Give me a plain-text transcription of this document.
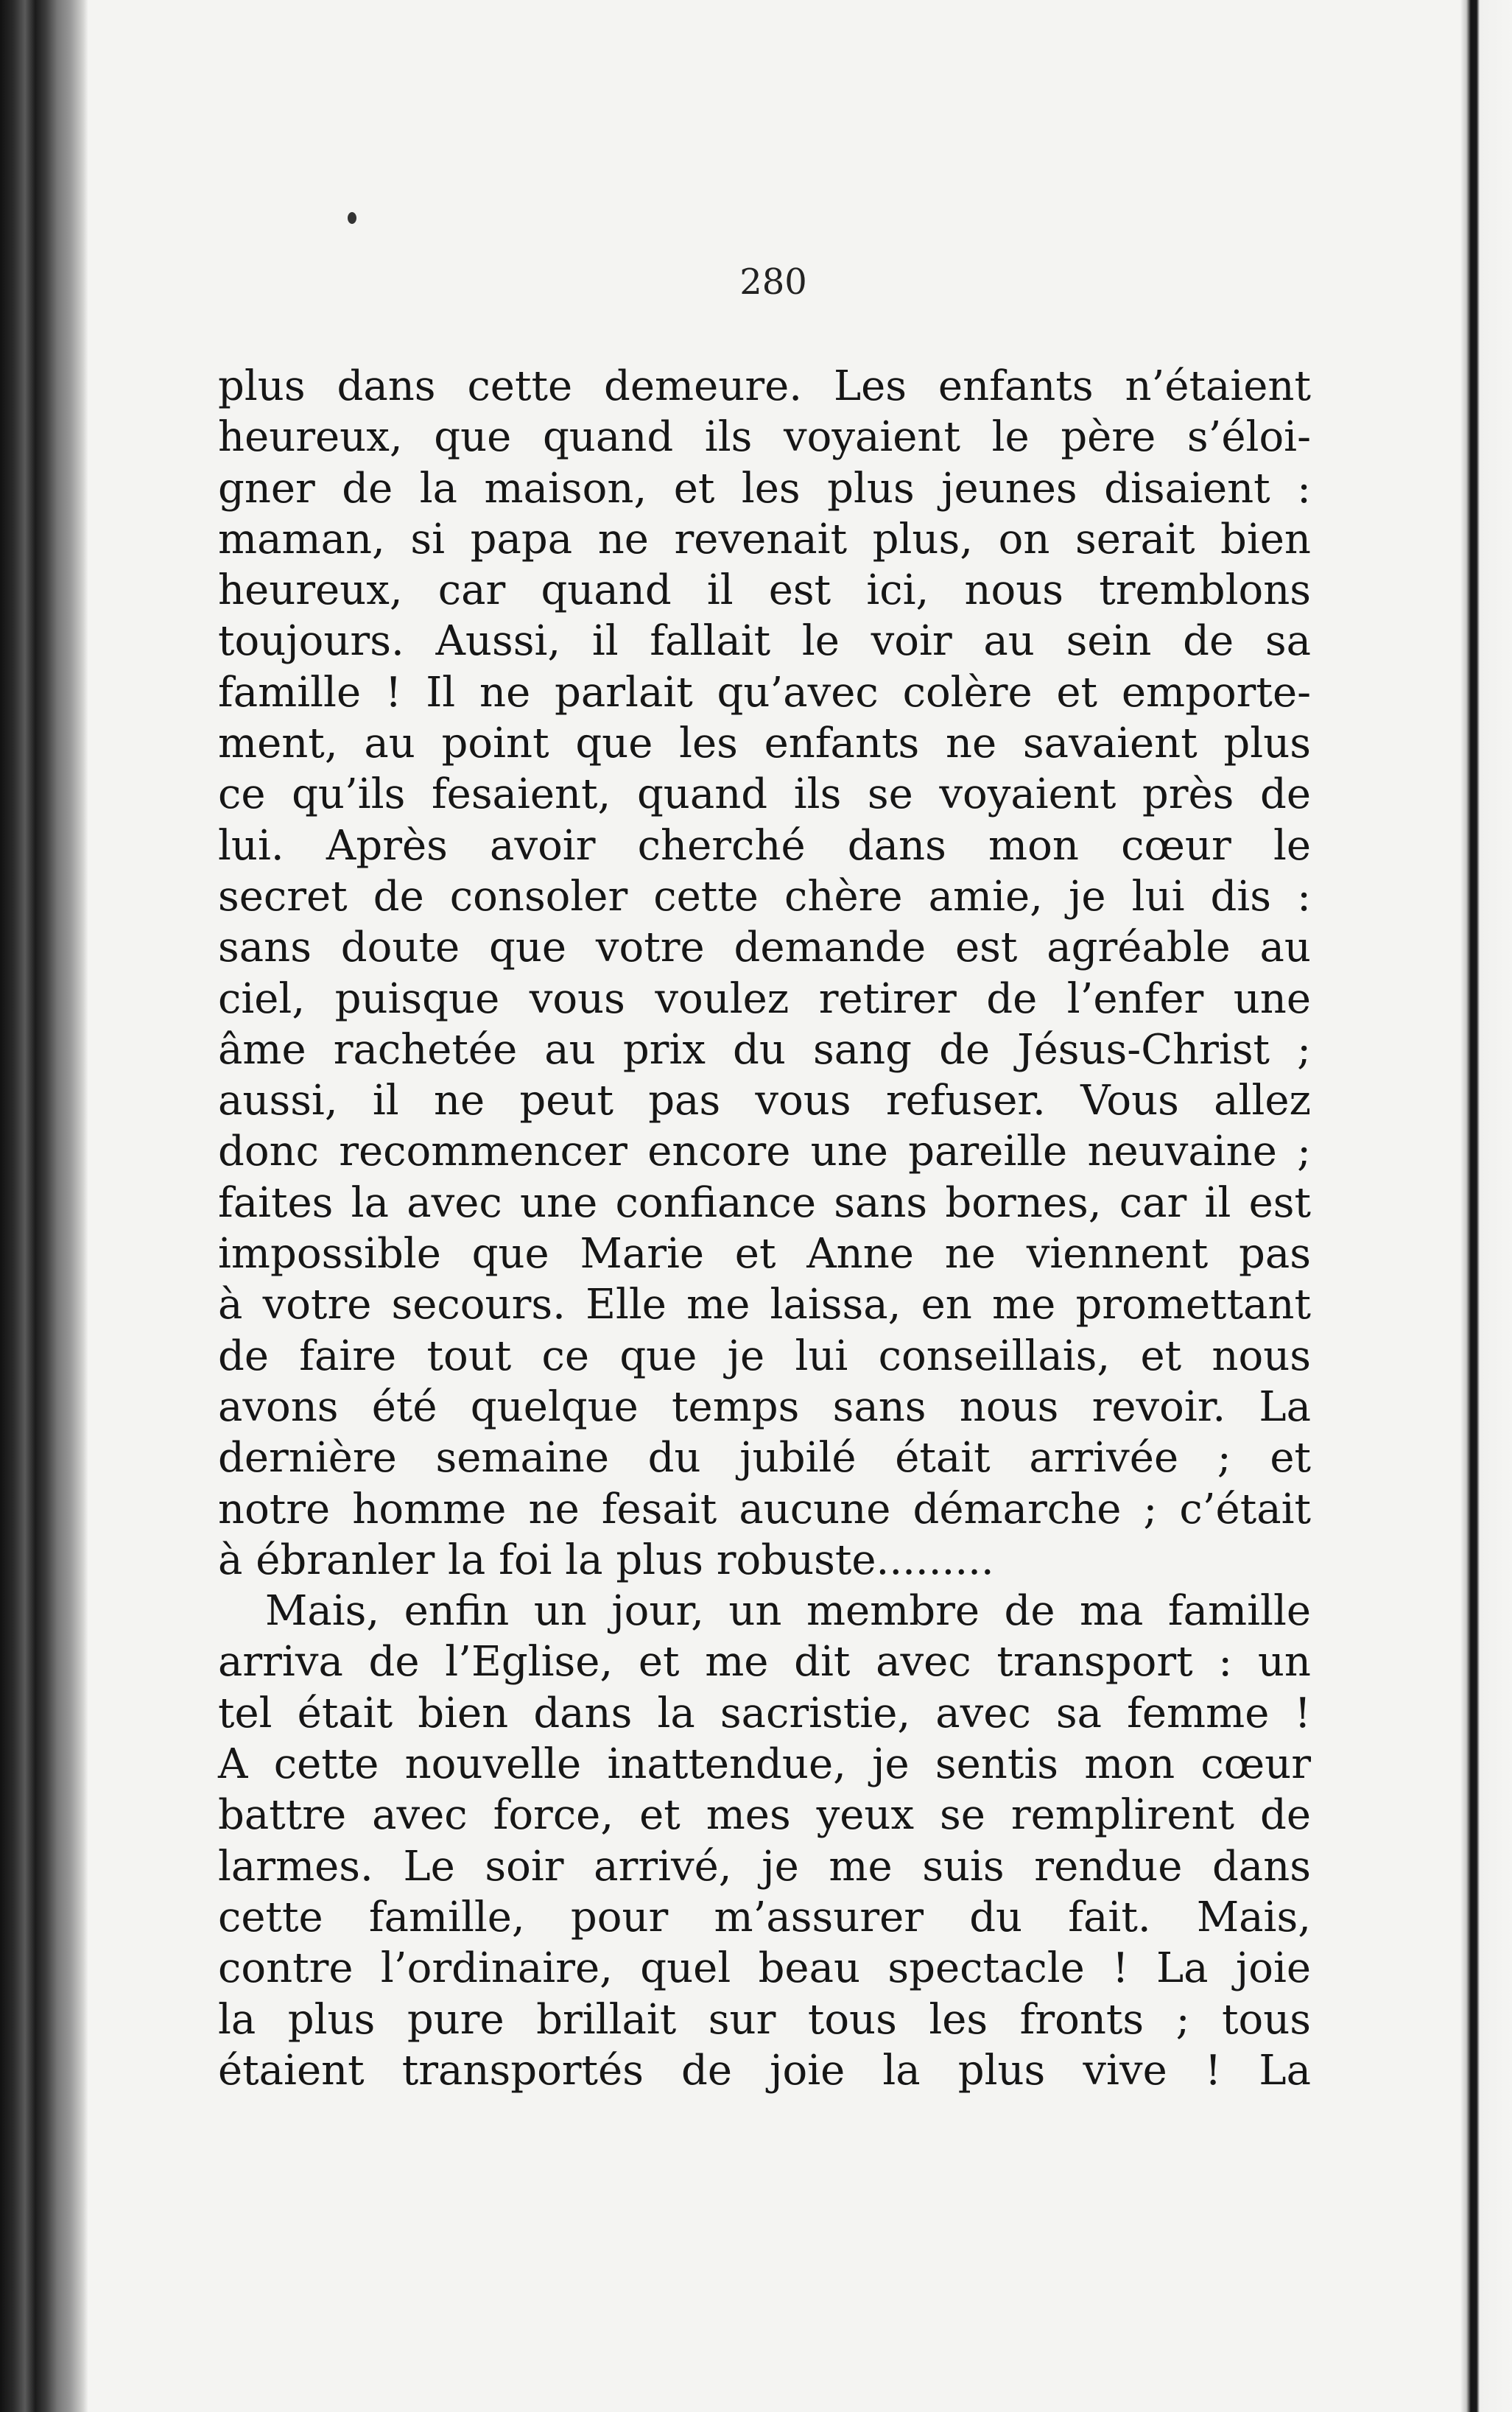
280
plus dans cette demeure. Les enfants n’étaient
heureux, que quand ils voyaient le père s’éloi-
gner de la maison, et les plus jeunes disaient :
maman, si papa ne revenait plus, on serait bien
heureux, car quand il est ici, nous tremblons
toujours. Aussi, il fallait le voir au sein de sa
famille ! Il ne parlait qu’avec colère et emporte-
ment, au point que les enfants ne savaient plus
ce qu’ils fesaient, quand ils se voyaient près de
lui. Après avoir cherché dans mon cœur le
secret de consoler cette chère amie, je lui dis :
sans doute que votre demande est agréable au
ciel, puisque vous voulez retirer de l’enfer une
âme rachetée au prix du sang de Jésus-Christ ;
aussi, il ne peut pas vous refuser. Vous allez
donc recommencer encore une pareille neuvaine ;
faites la avec une confiance sans bornes, car il est
impossible que Marie et Anne ne viennent pas
à votre secours. Elle me laissa, en me promettant
de faire tout ce que je lui conseillais, et nous
avons été quelque temps sans nous revoir. La
dernière semaine du jubilé était arrivée ; et
notre homme ne fesait aucune démarche ; c’était
à ébranler la foi la plus robuste.........
Mais, enfin un jour, un membre de ma famille
arriva de l’Eglise, et me dit avec transport : un
tel était bien dans la sacristie, avec sa femme !
A cette nouvelle inattendue, je sentis mon cœur
battre avec force, et mes yeux se remplirent de
larmes. Le soir arrivé, je me suis rendue dans
cette famille, pour m’assurer du fait. Mais,
contre l’ordinaire, quel beau spectacle ! La joie
la plus pure brillait sur tous les fronts ; tous
étaient transportés de joie la plus vive ! La
